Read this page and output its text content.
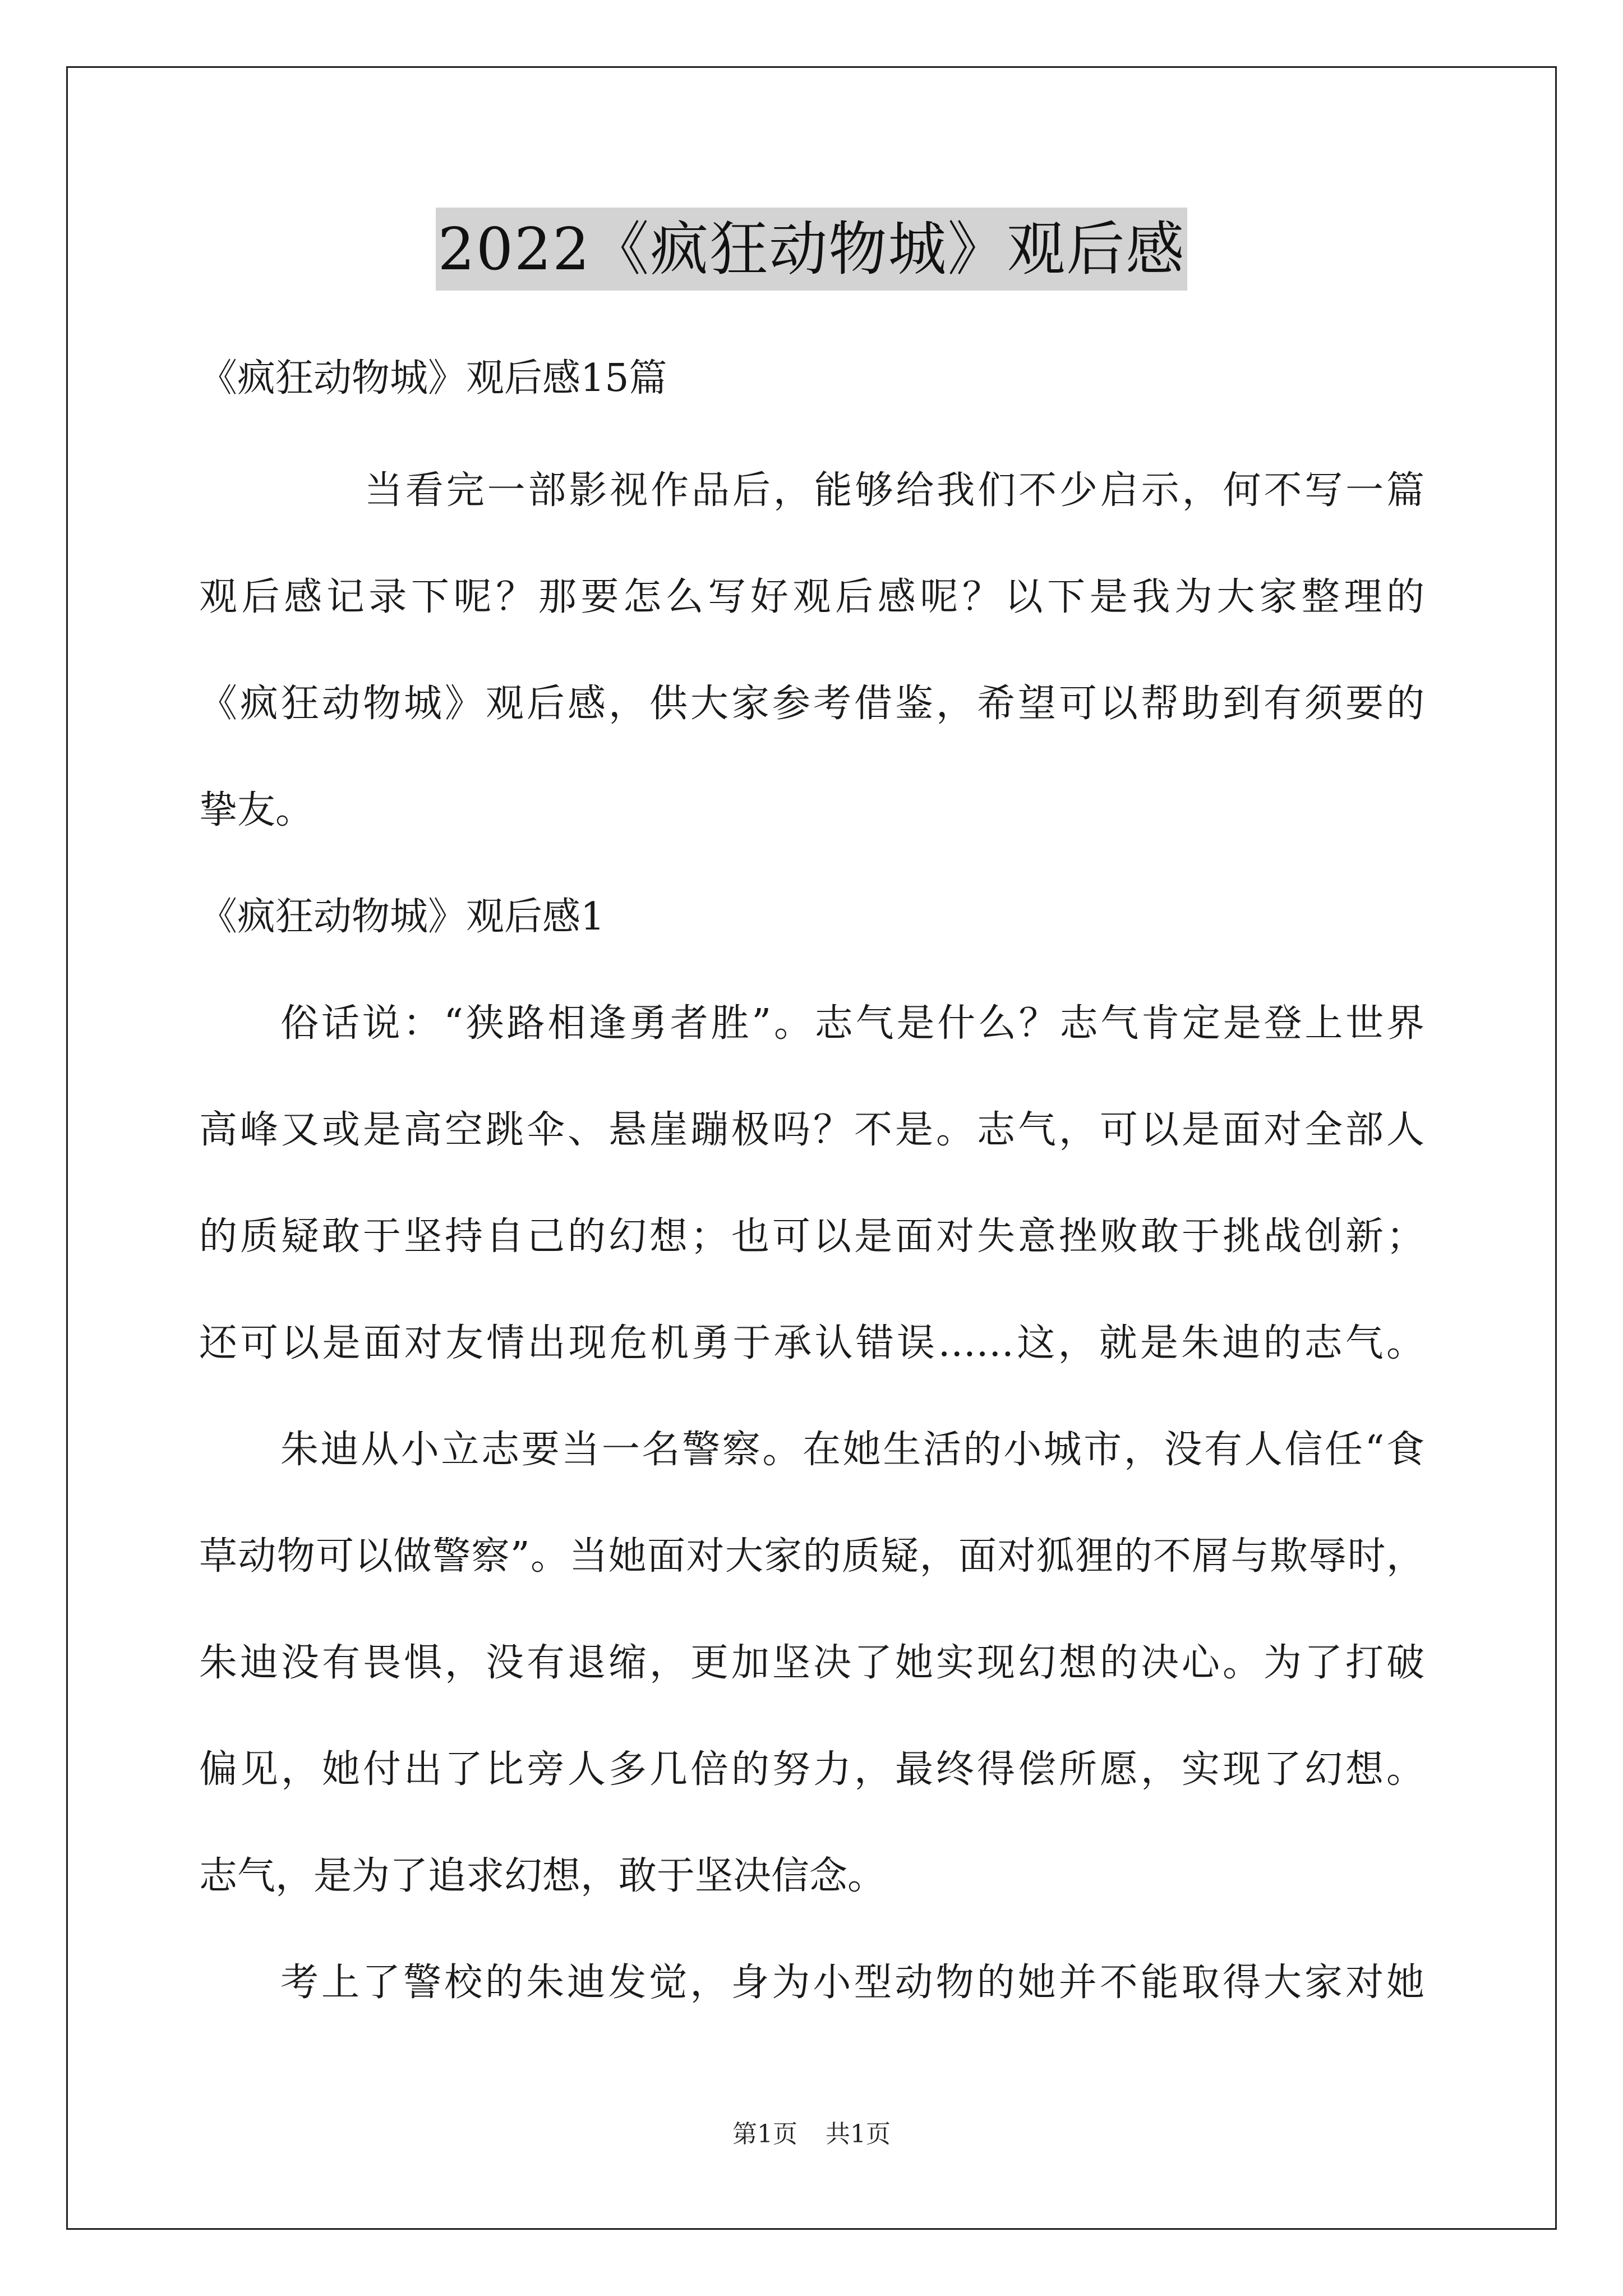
2022《疯狂动物城》观后感
《疯狂动物城》观后感15篇
当看完一部影视作品后，能够给我们不少启示，何不写一篇
观后感记录下呢？那要怎么写好观后感呢？以下是我为大家整理的
《疯狂动物城》观后感，供大家参考借鉴，希望可以帮助到有须要的
挚友。
《疯狂动物城》观后感1
俗话说：“狭路相逢勇者胜”。志气是什么？志气肯定是登上世界
高峰又或是高空跳伞、悬崖蹦极吗？不是。志气，可以是面对全部人
的质疑敢于坚持自己的幻想；也可以是面对失意挫败敢于挑战创新；
还可以是面对友情出现危机勇于承认错误……这，就是朱迪的志气。
朱迪从小立志要当一名警察。在她生活的小城市，没有人信任“食
草动物可以做警察”。当她面对大家的质疑，面对狐狸的不屑与欺辱时，
朱迪没有畏惧，没有退缩，更加坚决了她实现幻想的决心。为了打破
偏见，她付出了比旁人多几倍的努力，最终得偿所愿，实现了幻想。
志气，是为了追求幻想，敢于坚决信念。
考上了警校的朱迪发觉，身为小型动物的她并不能取得大家对她
第1页 共1页
